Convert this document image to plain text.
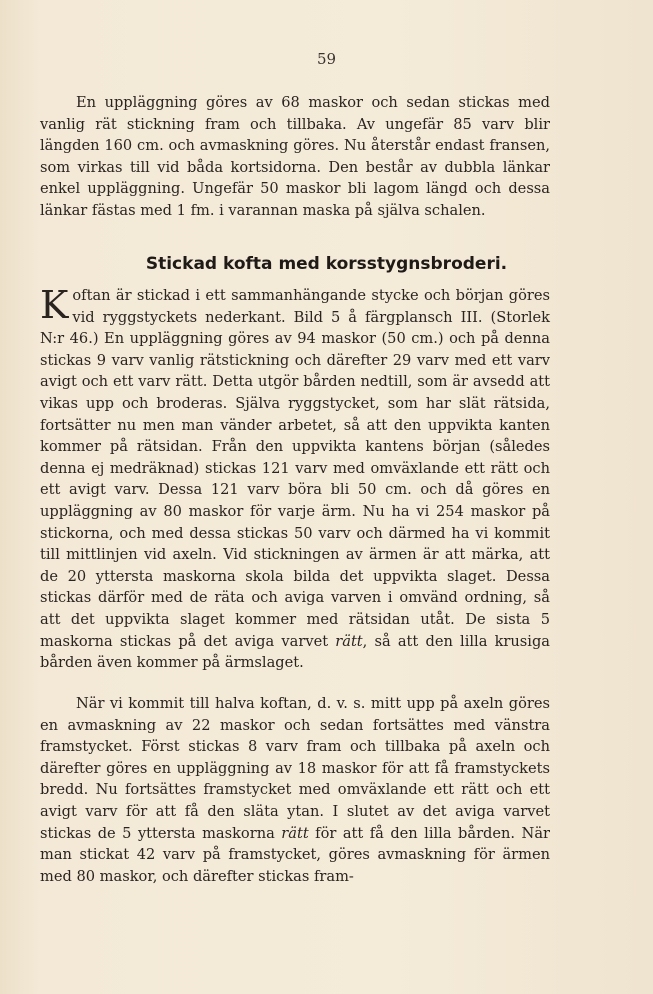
59

En uppläggning göres av 68 maskor och sedan stickas med vanlig rät stickning fram och tillbaka. Av ungefär 85 varv blir längden 160 cm. och avmaskning göres. Nu återstår endast fransen, som virkas till vid båda kortsidorna. Den består av dubbla länkar enkel uppläggning. Ungefär 50 maskor bli lagom längd och dessa länkar fästas med 1 fm. i varannan maska på själva schalen.

Stickad kofta med korsstygnsbroderi.

Koftan är stickad i ett sammanhängande stycke och början göres vid ryggstyckets nederkant. Bild 5 å färgplansch III. (Storlek N:r 46.) En uppläggning göres av 94 maskor (50 cm.) och på denna stickas 9 varv vanlig rätstickning och därefter 29 varv med ett varv avigt och ett varv rätt. Detta utgör bården nedtill, som är avsedd att vikas upp och broderas. Själva ryggstycket, som har slät rätsida, fortsätter nu men man vänder arbetet, så att den uppvikta kanten kommer på rätsidan. Från den uppvikta kantens början (således denna ej medräknad) stickas 121 varv med omväxlande ett rätt och ett avigt varv. Dessa 121 varv böra bli 50 cm. och då göres en uppläggning av 80 maskor för varje ärm. Nu ha vi 254 maskor på stickorna, och med dessa stickas 50 varv och därmed ha vi kommit till mittlinjen vid axeln. Vid stickningen av ärmen är att märka, att de 20 yttersta maskorna skola bilda det uppvikta slaget. Dessa stickas därför med de räta och aviga varven i omvänd ordning, så att det uppvikta slaget kommer med rätsidan utåt. De sista 5 maskorna stickas på det aviga varvet rätt, så att den lilla krusiga bården även kommer på ärmslaget.

När vi kommit till halva koftan, d. v. s. mitt upp på axeln göres en avmaskning av 22 maskor och sedan fortsättes med vänstra framstycket. Först stickas 8 varv fram och tillbaka på axeln och därefter göres en uppläggning av 18 maskor för att få framstyckets bredd. Nu fortsättes framstycket med omväxlande ett rätt och ett avigt varv för att få den släta ytan. I slutet av det aviga varvet stickas de 5 yttersta maskorna rätt för att få den lilla bården. När man stickat 42 varv på framstycket, göres avmaskning för ärmen med 80 maskor, och därefter stickas fram-
